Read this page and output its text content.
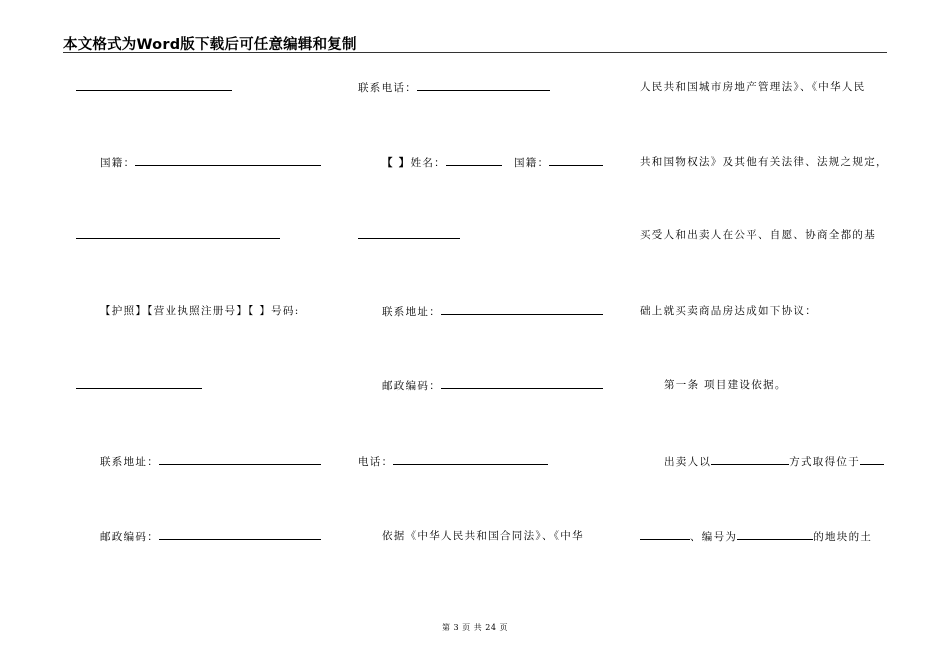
本文格式为Word版下载后可任意编辑和复制
国籍：
【护照】【营业执照注册号】【 】号码:
联系地址：
邮政编码：
联系电话：
【 】姓名：	国籍：
联系地址：
邮政编码：
电话：
依据《中华人民共和国合同法》、《中华
人民共和国城市房地产管理法》、《中华人民
共和国物权法》及其他有关法律、法规之规定，
买受人和出卖人在公平、自愿、协商全都的基
础上就买卖商品房达成如下协议：
第一条 项目建设依据。
出卖人以	方式取得位于
、编号为	的地块的土
第 3 页 共 24 页
